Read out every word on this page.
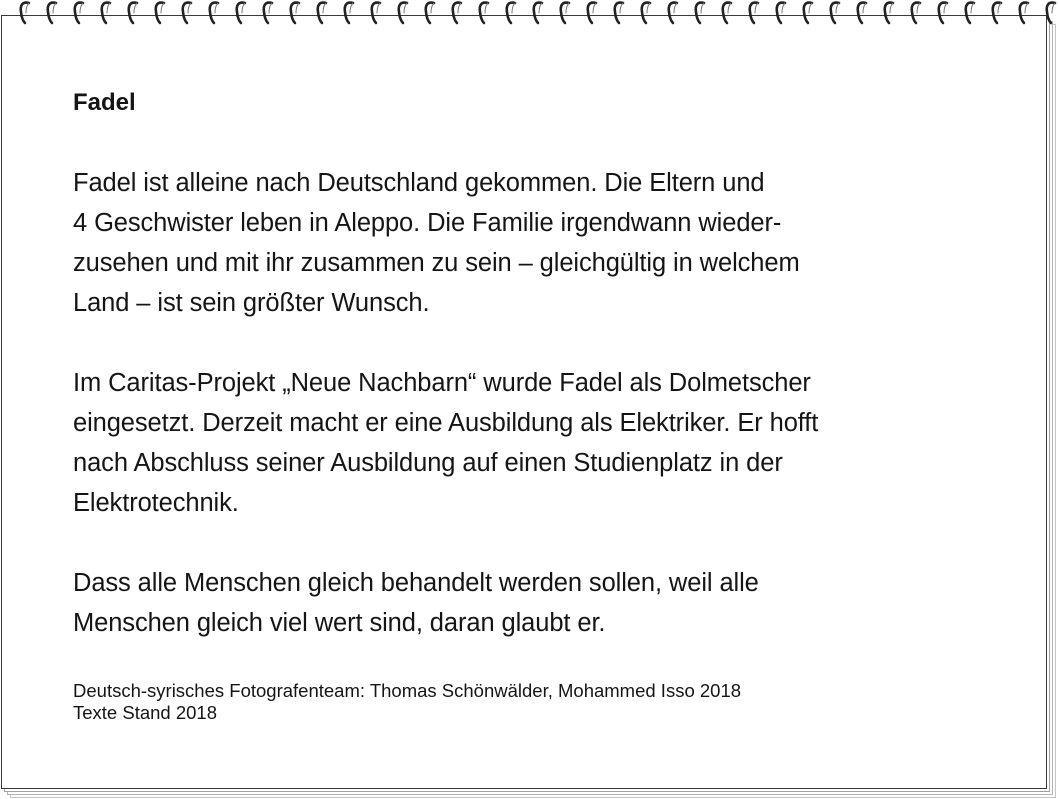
Fadel

Fadel ist alleine nach Deutschland gekommen. Die Eltern und
4 Geschwister leben in Aleppo. Die Familie irgendwann wieder-
zusehen und mit ihr zusammen zu sein – gleichgültig in welchem
Land – ist sein größter Wunsch.

Im Caritas-Projekt „Neue Nachbarn“ wurde Fadel als Dolmetscher
eingesetzt. Derzeit macht er eine Ausbildung als Elektriker. Er hofft
nach Abschluss seiner Ausbildung auf einen Studienplatz in der
Elektrotechnik.

Dass alle Menschen gleich behandelt werden sollen, weil alle
Menschen gleich viel wert sind, daran glaubt er.

Deutsch-syrisches Fotografenteam: Thomas Schönwälder, Mohammed Isso 2018
Texte Stand 2018
